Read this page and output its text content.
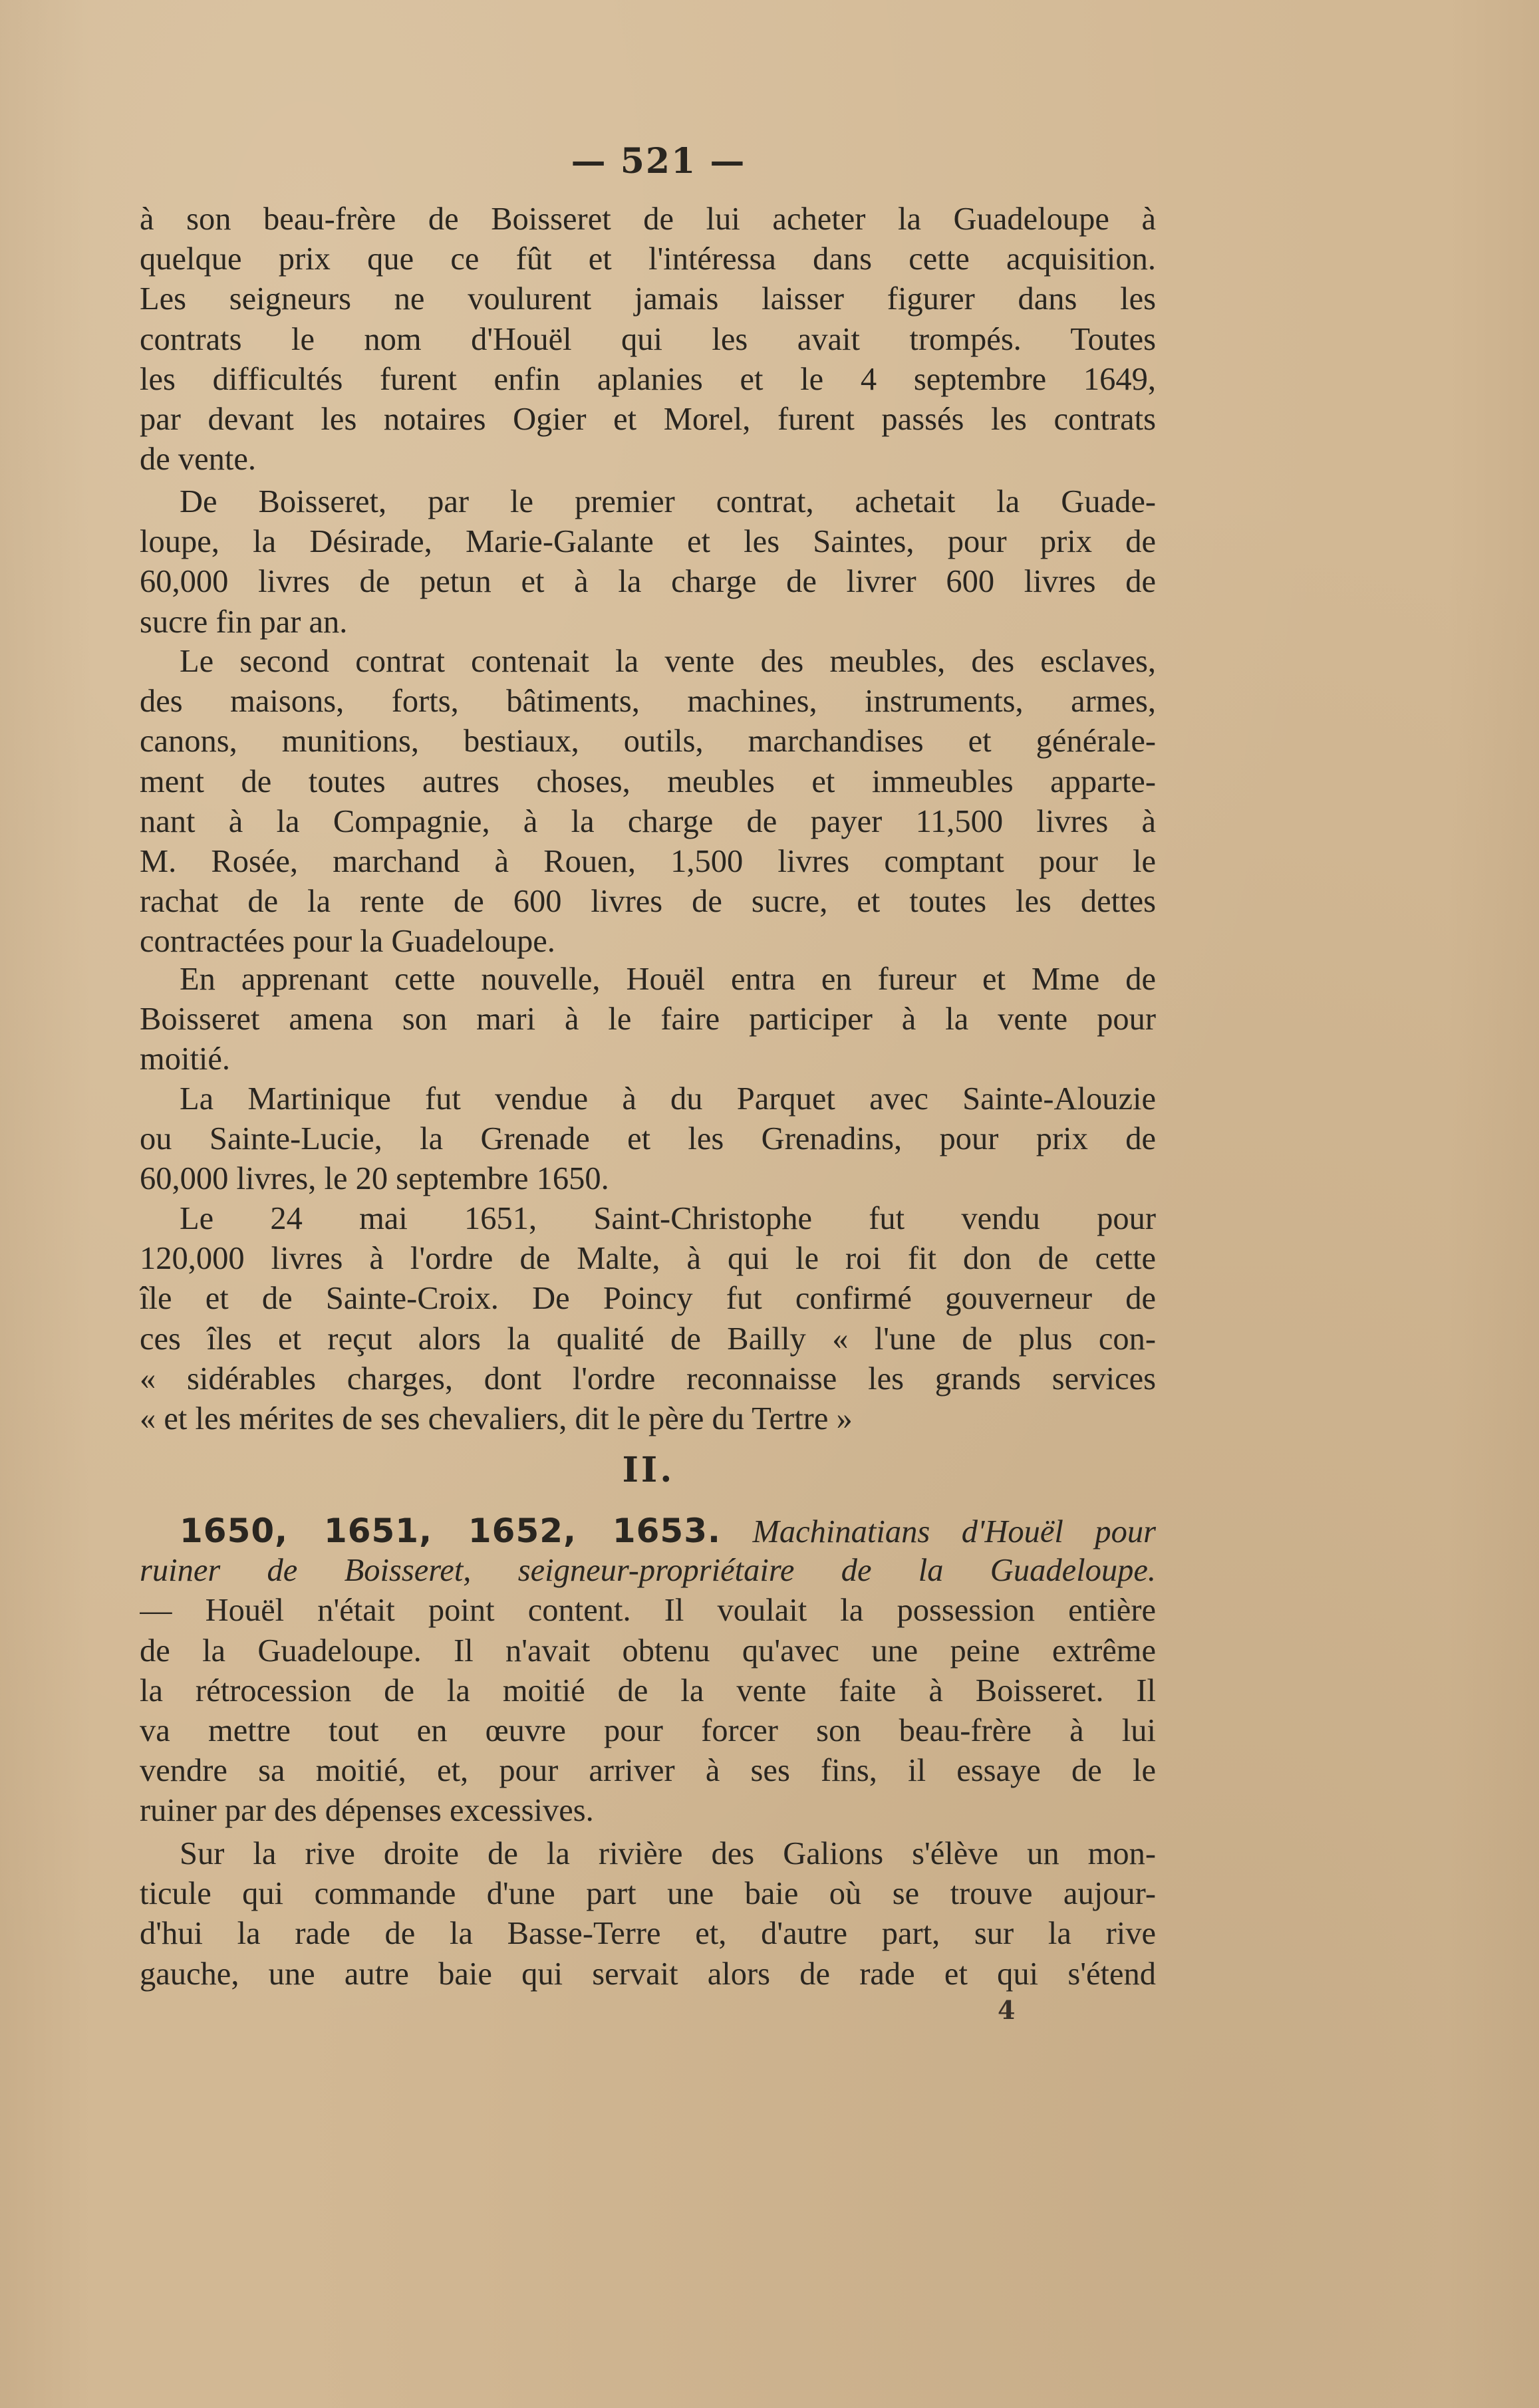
— 521 —
à son beau-frère de Boisseret de lui acheter la Guadeloupe à
quelque prix que ce fût et l'intéressa dans cette acquisition.
Les seigneurs ne voulurent jamais laisser figurer dans les
contrats le nom d'Houël qui les avait trompés. Toutes
les difficultés furent enfin aplanies et le 4 septembre 1649,
par devant les notaires Ogier et Morel, furent passés les contrats
de vente.
De Boisseret, par le premier contrat, achetait la Guade-
loupe, la Désirade, Marie-Galante et les Saintes, pour prix de
60,000 livres de petun et à la charge de livrer 600 livres de
sucre fin par an.
Le second contrat contenait la vente des meubles, des esclaves,
des maisons, forts, bâtiments, machines, instruments, armes,
canons, munitions, bestiaux, outils, marchandises et générale-
ment de toutes autres choses, meubles et immeubles apparte-
nant à la Compagnie, à la charge de payer 11,500 livres à
M. Rosée, marchand à Rouen, 1,500 livres comptant pour le
rachat de la rente de 600 livres de sucre, et toutes les dettes
contractées pour la Guadeloupe.
En apprenant cette nouvelle, Houël entra en fureur et Mme de
Boisseret amena son mari à le faire participer à la vente pour
moitié.
La Martinique fut vendue à du Parquet avec Sainte-Alouzie
ou Sainte-Lucie, la Grenade et les Grenadins, pour prix de
60,000 livres, le 20 septembre 1650.
Le 24 mai 1651, Saint-Christophe fut vendu pour
120,000 livres à l'ordre de Malte, à qui le roi fit don de cette
île et de Sainte-Croix. De Poincy fut confirmé gouverneur de
ces îles et reçut alors la qualité de Bailly « l'une de plus con-
« sidérables charges, dont l'ordre reconnaisse les grands services
« et les mérites de ses chevaliers, dit le père du Tertre »
II.
1650, 1651, 1652, 1653. Machinatians d'Houël pour
ruiner de Boisseret, seigneur-propriétaire de la Guadeloupe.
— Houël n'était point content. Il voulait la possession entière
de la Guadeloupe. Il n'avait obtenu qu'avec une peine extrême
la rétrocession de la moitié de la vente faite à Boisseret. Il
va mettre tout en œuvre pour forcer son beau-frère à lui
vendre sa moitié, et, pour arriver à ses fins, il essaye de le
ruiner par des dépenses excessives.
Sur la rive droite de la rivière des Galions s'élève un mon-
ticule qui commande d'une part une baie où se trouve aujour-
d'hui la rade de la Basse-Terre et, d'autre part, sur la rive
gauche, une autre baie qui servait alors de rade et qui s'étend
4
